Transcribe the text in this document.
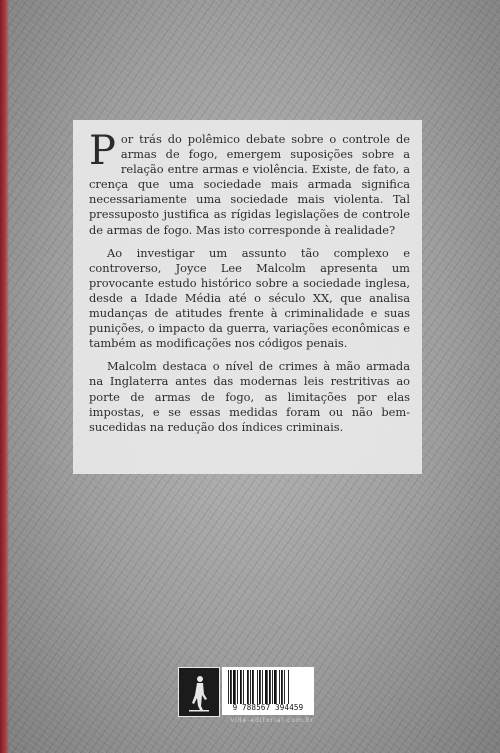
Por trás do polêmico debate sobre o controle de armas de fogo, emergem suposições sobre a relação entre armas e violência. Existe, de fato, a crença que uma sociedade mais armada significa necessariamente uma sociedade mais violenta. Tal pressuposto justifica as rígidas legislações de controle de armas de fogo. Mas isto corresponde à realidade?

Ao investigar um assunto tão complexo e controverso, Joyce Lee Malcolm apresenta um provocante estudo histórico sobre a sociedade inglesa, desde a Idade Média até o século XX, que analisa mudanças de atitudes frente à criminalidade e suas punições, o impacto da guerra, variações econômicas e também as modificações nos códigos penais.

Malcolm destaca o nível de crimes à mão armada na Inglaterra antes das modernas leis restritivas ao porte de armas de fogo, as limitações por elas impostas, e se essas medidas foram ou não bem-sucedidas na redução dos índices criminais.

9 788567 394459
vide-editorial.com.br
